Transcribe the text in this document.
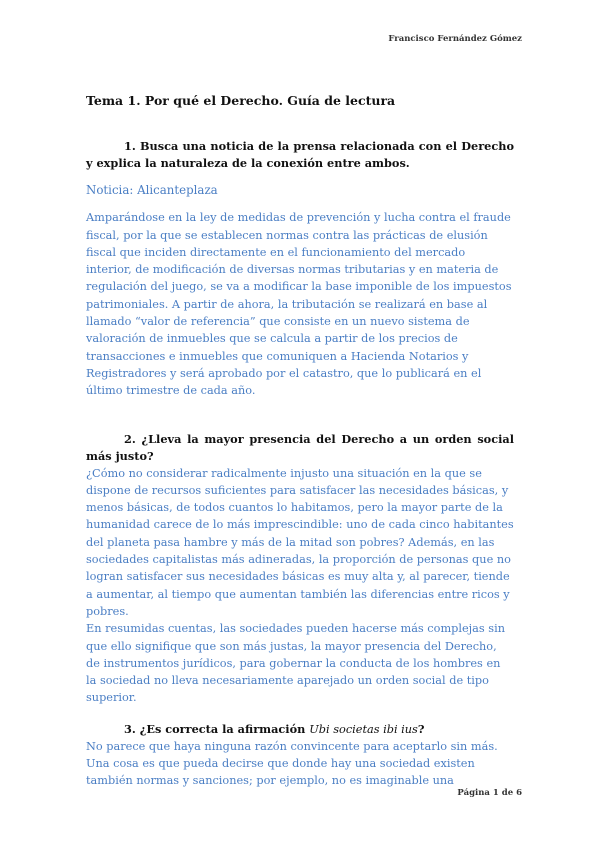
Francisco Fernández Gómez
Tema 1. Por qué el Derecho. Guía de lectura

1. Busca una noticia de la prensa relacionada con el Derecho y explica la naturaleza de la conexión entre ambos.

Noticia: Alicanteplaza

Amparándose en la ley de medidas de prevención y lucha contra el fraude fiscal, por la que se establecen normas contra las prácticas de elusión fiscal que inciden directamente en el funcionamiento del mercado interior, de modificación de diversas normas tributarias y en materia de regulación del juego, se va a modificar la base imponible de los impuestos patrimoniales. A partir de ahora, la tributación se realizará en base al llamado “valor de referencia” que consiste en un nuevo sistema de valoración de inmuebles que se calcula a partir de los precios de transacciones e inmuebles que comuniquen a Hacienda Notarios y Registradores y será aprobado por el catastro, que lo publicará en el último trimestre de cada año.

2. ¿Lleva la mayor presencia del Derecho a un orden social más justo?

¿Cómo no considerar radicalmente injusto una situación en la que se dispone de recursos suficientes para satisfacer las necesidades básicas, y menos básicas, de todos cuantos lo habitamos, pero la mayor parte de la humanidad carece de lo más imprescindible: uno de cada cinco habitantes del planeta pasa hambre y más de la mitad son pobres? Además, en las sociedades capitalistas más adineradas, la proporción de personas que no logran satisfacer sus necesidades básicas es muy alta y, al parecer, tiende a aumentar, al tiempo que aumentan también las diferencias entre ricos y pobres.

En resumidas cuentas, las sociedades pueden hacerse más complejas sin que ello signifique que son más justas, la mayor presencia del Derecho, de instrumentos jurídicos, para gobernar la conducta de los hombres en la sociedad no lleva necesariamente aparejado un orden social de tipo superior.

3. ¿Es correcta la afirmación Ubi societas ibi ius?

No parece que haya ninguna razón convincente para aceptarlo sin más. Una cosa es que pueda decirse que donde hay una sociedad existen también normas y sanciones; por ejemplo, no es imaginable una

Página 1 de 6
